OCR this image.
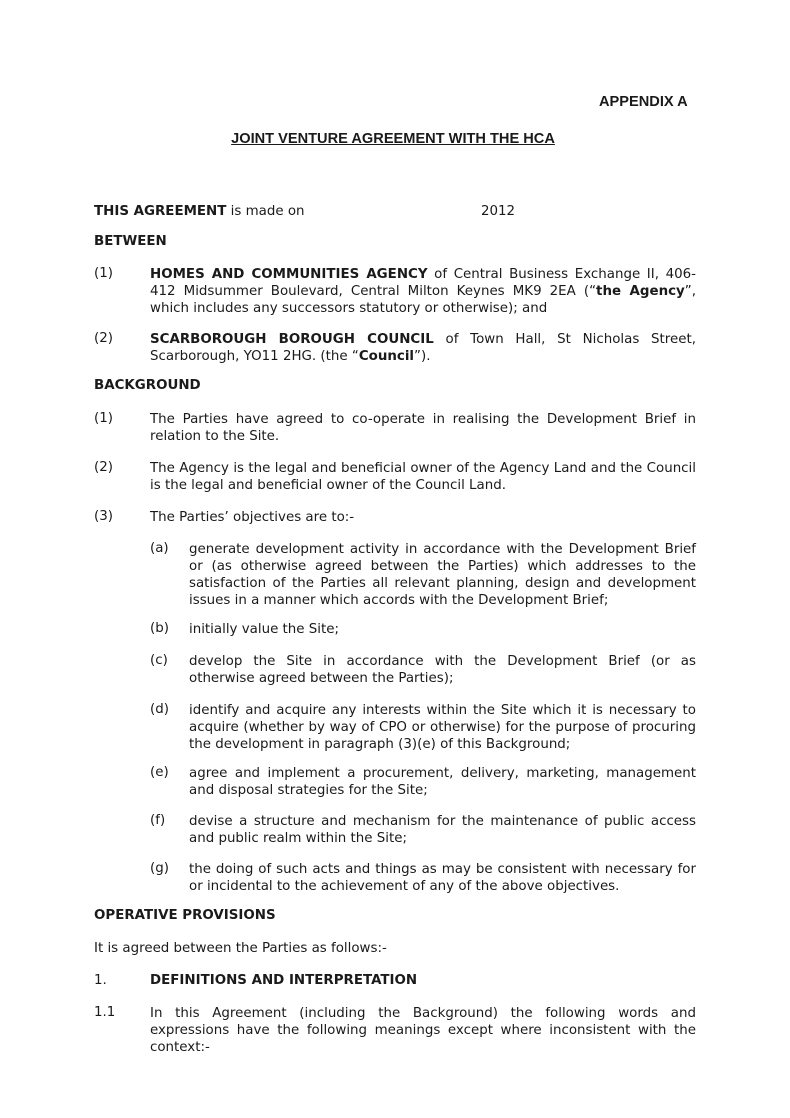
APPENDIX A
JOINT VENTURE AGREEMENT WITH THE HCA
THIS AGREEMENT is made on	2012
BETWEEN
(1)	HOMES AND COMMUNITIES AGENCY of Central Business Exchange II, 406-412 Midsummer Boulevard, Central Milton Keynes MK9 2EA (“the Agency”, which includes any successors statutory or otherwise); and
(2)	SCARBOROUGH BOROUGH COUNCIL of Town Hall, St Nicholas Street, Scarborough, YO11 2HG. (the “Council”).
BACKGROUND
(1)	The Parties have agreed to co-operate in realising the Development Brief in relation to the Site.
(2)	The Agency is the legal and beneficial owner of the Agency Land and the Council is the legal and beneficial owner of the Council Land.
(3)	The Parties’ objectives are to:-
(a) generate development activity in accordance with the Development Brief or (as otherwise agreed between the Parties) which addresses to the satisfaction of the Parties all relevant planning, design and development issues in a manner which accords with the Development Brief;
(b) initially value the Site;
(c) develop the Site in accordance with the Development Brief (or as otherwise agreed between the Parties);
(d) identify and acquire any interests within the Site which it is necessary to acquire (whether by way of CPO or otherwise) for the purpose of procuring the development in paragraph (3)(e) of this Background;
(e) agree and implement a procurement, delivery, marketing, management and disposal strategies for the Site;
(f) devise a structure and mechanism for the maintenance of public access and public realm within the Site;
(g) the doing of such acts and things as may be consistent with necessary for or incidental to the achievement of any of the above objectives.
OPERATIVE PROVISIONS
It is agreed between the Parties as follows:-
1.	DEFINITIONS AND INTERPRETATION
1.1	In this Agreement (including the Background) the following words and expressions have the following meanings except where inconsistent with the context:-
